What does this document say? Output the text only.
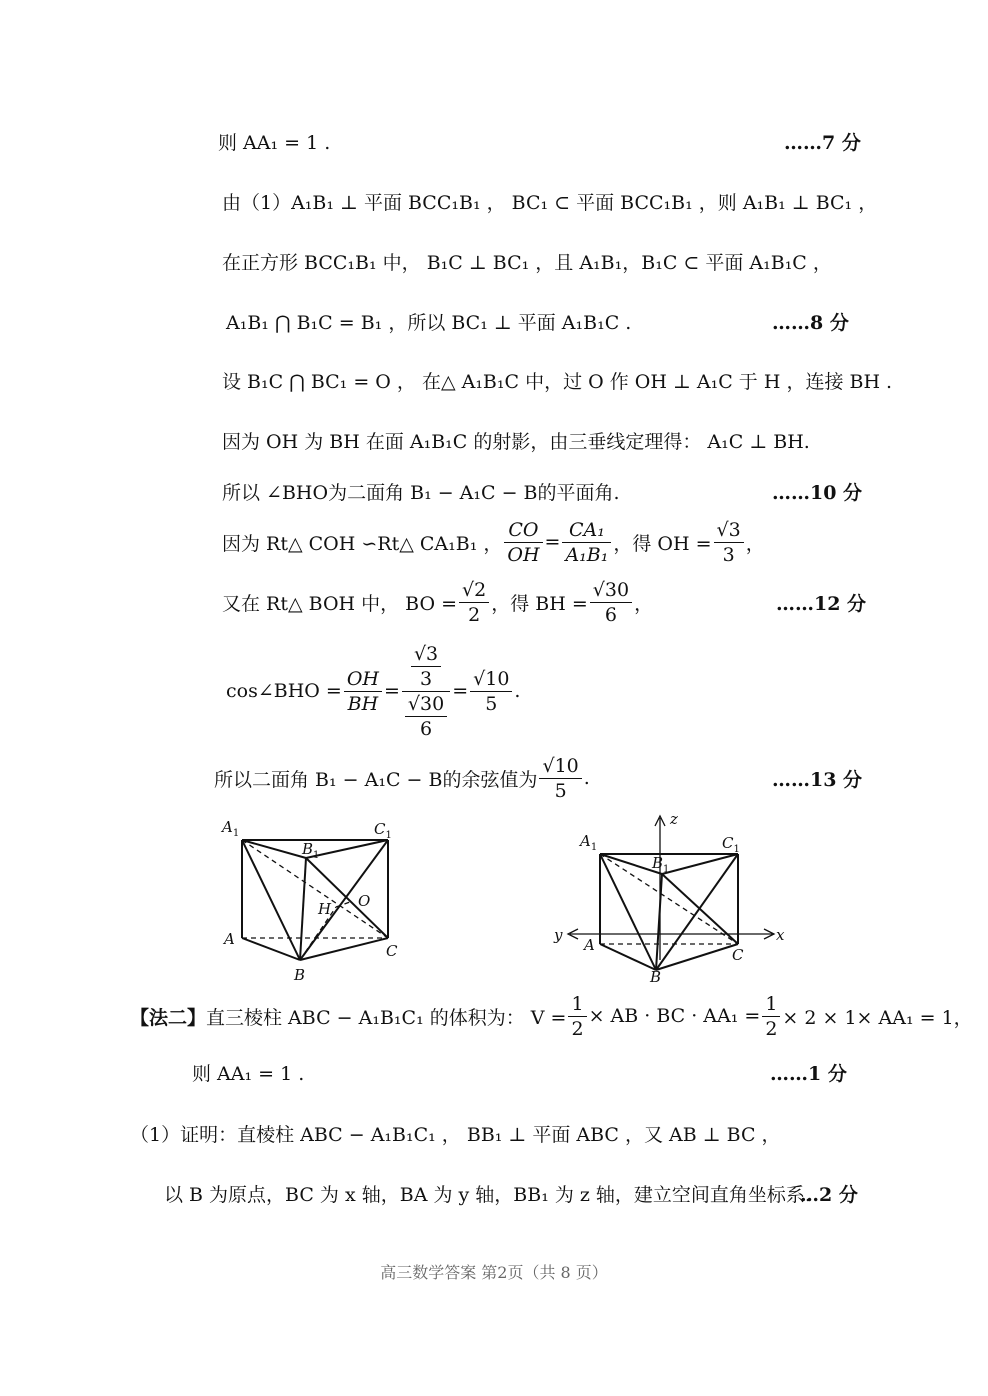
则 AA₁ = 1 .	……7 分
由（1）A₁B₁ ⊥ 平面 BCC₁B₁ ， BC₁ ⊂ 平面 BCC₁B₁ ，则 A₁B₁ ⊥ BC₁ ，
在正方形 BCC₁B₁ 中， B₁C ⊥ BC₁ ，且 A₁B₁，B₁C ⊂ 平面 A₁B₁C ，
A₁B₁ ⋂ B₁C = B₁ ，所以 BC₁ ⊥ 平面 A₁B₁C .	……8 分
设 B₁C ⋂ BC₁ = O ， 在△ A₁B₁C 中，过 O 作 OH ⊥ A₁C 于 H ，连接 BH .
因为 OH 为 BH 在面 A₁B₁C 的射影，由三垂线定理得： A₁C ⊥ BH.
所以 ∠BHO为二面角 B₁ − A₁C − B的平面角.	……10 分
因为 Rt△ COH ∽Rt△ CA₁B₁ ， $\frac{CO}{OH} = \frac{\text{CA₁}}{\text{A₁B₁}}$ ，得 OH = $\frac{√3}{3}$ ，
又在 Rt△ BOH 中， BO = $\frac{√2}{2}$ ，得 BH = $\frac{√30}{6}$ ，	……12 分
cos∠BHO = $\frac{OH}{BH} = \frac{\frac{√3}{3}}{\frac{√30}{6}} = \frac{√10}{5}$ .
所以二面角 B₁ − A₁C − B的余弦值为 $\frac{√10}{5}$ .	……13 分
$A_1$
$B_1$
$C_1$
A
B
C
H O
$A_1$
$B_1$
$C_1$
A
B
C
x
y
z
【法二】 直三棱柱 ABC − A₁B₁C₁ 的体积为： $V = \frac{1}{2}$ × AB · BC · $AA_1 = \frac{1}{2} \times 2 \times 1\times AA_1 = 1$，
则 AA₁ = 1 .	……1 分
（1）证明：直棱柱 ABC − A₁B₁C₁ ， BB₁ ⊥ 平面 ABC ，又 AB ⊥ BC ，
以 B 为原点，BC 为 x 轴，BA 为 y 轴，BB₁ 为 z 轴，建立空间直角坐标系.
…2 分
高三数学答案 第2页（共 8 页）
